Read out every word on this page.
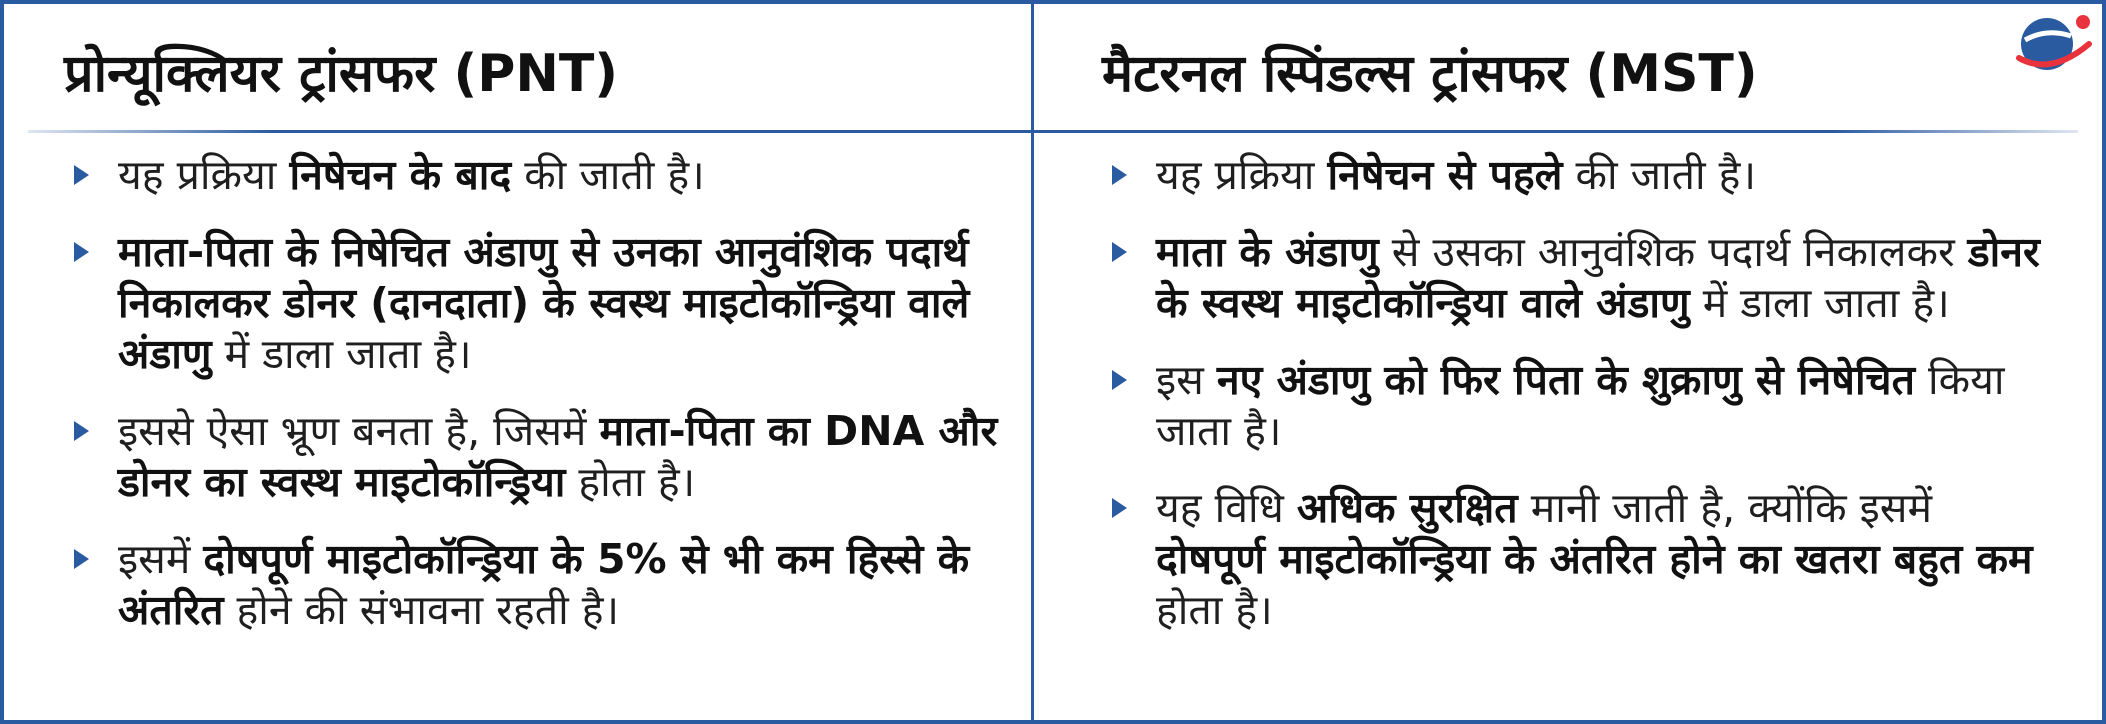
प्रोन्यूक्लियर ट्रांसफर (PNT)
यह प्रक्रिया निषेचन के बाद की जाती है।
माता-पिता के निषेचित अंडाणु से उनका आनुवंशिक पदार्थ निकालकर डोनर (दानदाता) के स्वस्थ माइटोकॉन्ड्रिया वाले अंडाणु में डाला जाता है।
इससे ऐसा भ्रूण बनता है, जिसमें माता-पिता का DNA और डोनर का स्वस्थ माइटोकॉन्ड्रिया होता है।
इसमें दोषपूर्ण माइटोकॉन्ड्रिया के 5% से भी कम हिस्से के अंतरित होने की संभावना रहती है।
मैटरनल स्पिंडल्स ट्रांसफर (MST)
यह प्रक्रिया निषेचन से पहले की जाती है।
माता के अंडाणु से उसका आनुवंशिक पदार्थ निकालकर डोनर के स्वस्थ माइटोकॉन्ड्रिया वाले अंडाणु में डाला जाता है।
इस नए अंडाणु को फिर पिता के शुक्राणु से निषेचित किया जाता है।
यह विधि अधिक सुरक्षित मानी जाती है, क्योंकि इसमें दोषपूर्ण माइटोकॉन्ड्रिया के अंतरित होने का खतरा बहुत कम होता है।
